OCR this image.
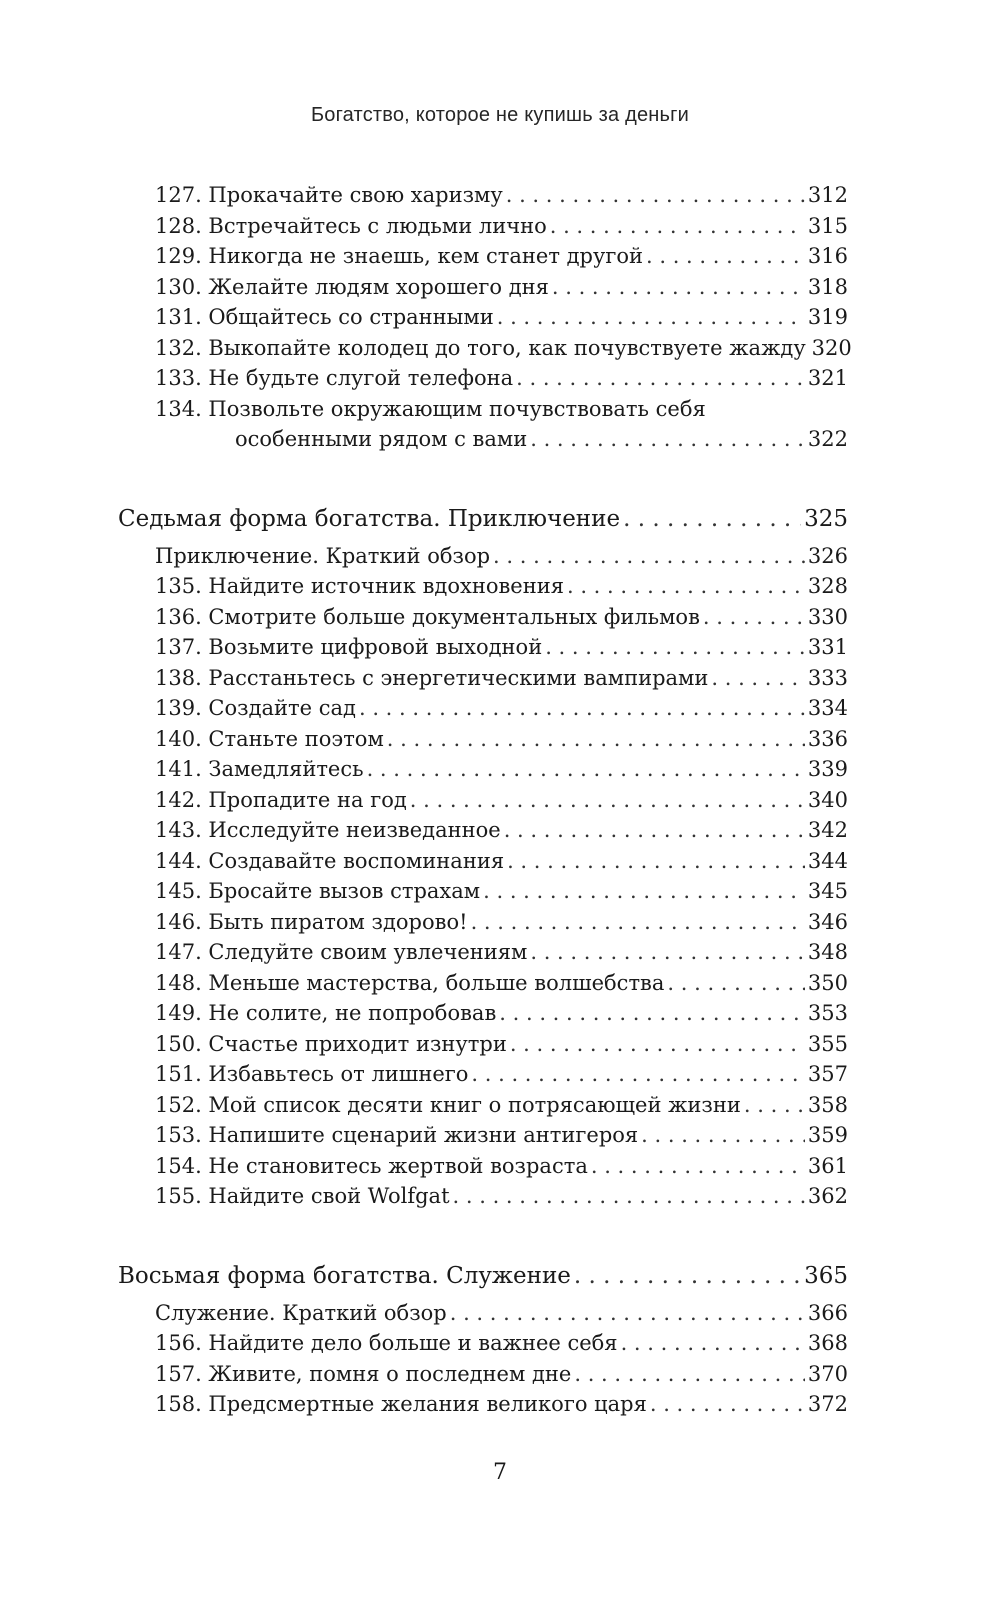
Богатство, которое не купишь за деньги
127. Прокачайте свою харизму . . .	312
128. Встречайтесь с людьми лично . . .	315
129. Никогда не знаешь, кем станет другой . . .	316
130. Желайте людям хорошего дня . . .	318
131. Общайтесь со странными . . .	319
132. Выкопайте колодец до того, как почувствуете жажду 320
133. Не будьте слугой телефона . . .	321
134. Позвольте окружающим почувствовать себя
особенными рядом с вами . . .	322
Седьмая форма богатства. Приключение . . .	325
Приключение. Краткий обзор . . .	326
135. Найдите источник вдохновения . . .	328
136. Смотрите больше документальных фильмов . . .	330
137. Возьмите цифровой выходной . . .	331
138. Расстаньтесь с энергетическими вампирами . . .	333
139. Создайте сад . . .	334
140. Станьте поэтом . . .	336
141. Замедляйтесь . . .	339
142. Пропадите на год . . .	340
143. Исследуйте неизведанное . . .	342
144. Создавайте воспоминания . . .	344
145. Бросайте вызов страхам . . .	345
146. Быть пиратом здорово! . . .	346
147. Следуйте своим увлечениям . . .	348
148. Меньше мастерства, больше волшебства . . .	350
149. Не солите, не попробовав . . .	353
150. Счастье приходит изнутри . . .	355
151. Избавьтесь от лишнего . . .	357
152. Мой список десяти книг о потрясающей жизни . . .	358
153. Напишите сценарий жизни антигероя . . .	359
154. Не становитесь жертвой возраста . . .	361
155. Найдите свой Wolfgat . . .	362
Восьмая форма богатства. Служение . . .	365
Служение. Краткий обзор . . .	366
156. Найдите дело больше и важнее себя . . .	368
157. Живите, помня о последнем дне . . .	370
158. Предсмертные желания великого царя . . .	372
7
